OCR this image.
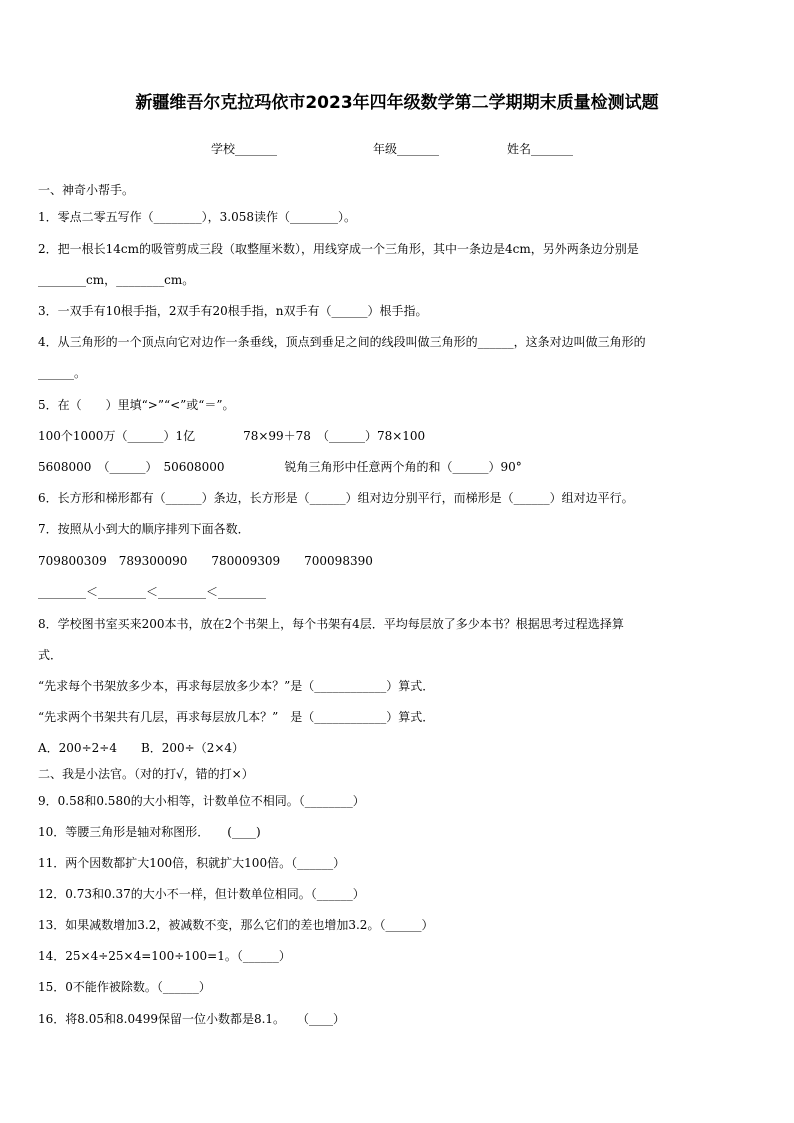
新疆维吾尔克拉玛依市2023年四年级数学第二学期期末质量检测试题
学校_______	年级_______	姓名_______
一、神奇小帮手。
1．零点二零五写作（________），3.058读作（________）。
2．把一根长14cm的吸管剪成三段（取整厘米数），用线穿成一个三角形，其中一条边是4cm，另外两条边分别是
________cm，________cm。
3．一双手有10根手指，2双手有20根手指，n双手有（______）根手指。
4．从三角形的一个顶点向它对边作一条垂线，顶点到垂足之间的线段叫做三角形的______，这条对边叫做三角形的
______。
5．在（　　）里填“>”“<”或“＝”。
100个1000万（______）1亿　　　　78×99＋78　（______）78×100
5608000　（______）　50608000　　　　　锐角三角形中任意两个角的和（______）90°
6．长方形和梯形都有（______）条边，长方形是（______）组对边分别平行，而梯形是（______）组对边平行。
7．按照从小到大的顺序排列下面各数．
709800309　789300090　　780009309　　700098390
________＜________＜________＜________
8．学校图书室买来200本书，放在2个书架上，每个书架有4层．平均每层放了多少本书？根据思考过程选择算
式．
“先求每个书架放多少本，再求每层放多少本？”是（____________）算式．
“先求两个书架共有几层，再求每层放几本？”　是（____________）算式．
A．200÷2÷4　　B．200÷（2×4）
二、我是小法官。（对的打√，错的打×）
9．0.58和0.580的大小相等，计数单位不相同。（________）
10．等腰三角形是轴对称图形．　　(____)
11．两个因数都扩大100倍，积就扩大100倍。（______）
12．0.73和0.37的大小不一样，但计数单位相同。（______）
13．如果减数增加3.2，被减数不变，那么它们的差也增加3.2。（______）
14．25×4÷25×4=100÷100=1。（______）
15．0不能作被除数。（______）
16．将8.05和8.0499保留一位小数都是8.1。　　（____）
